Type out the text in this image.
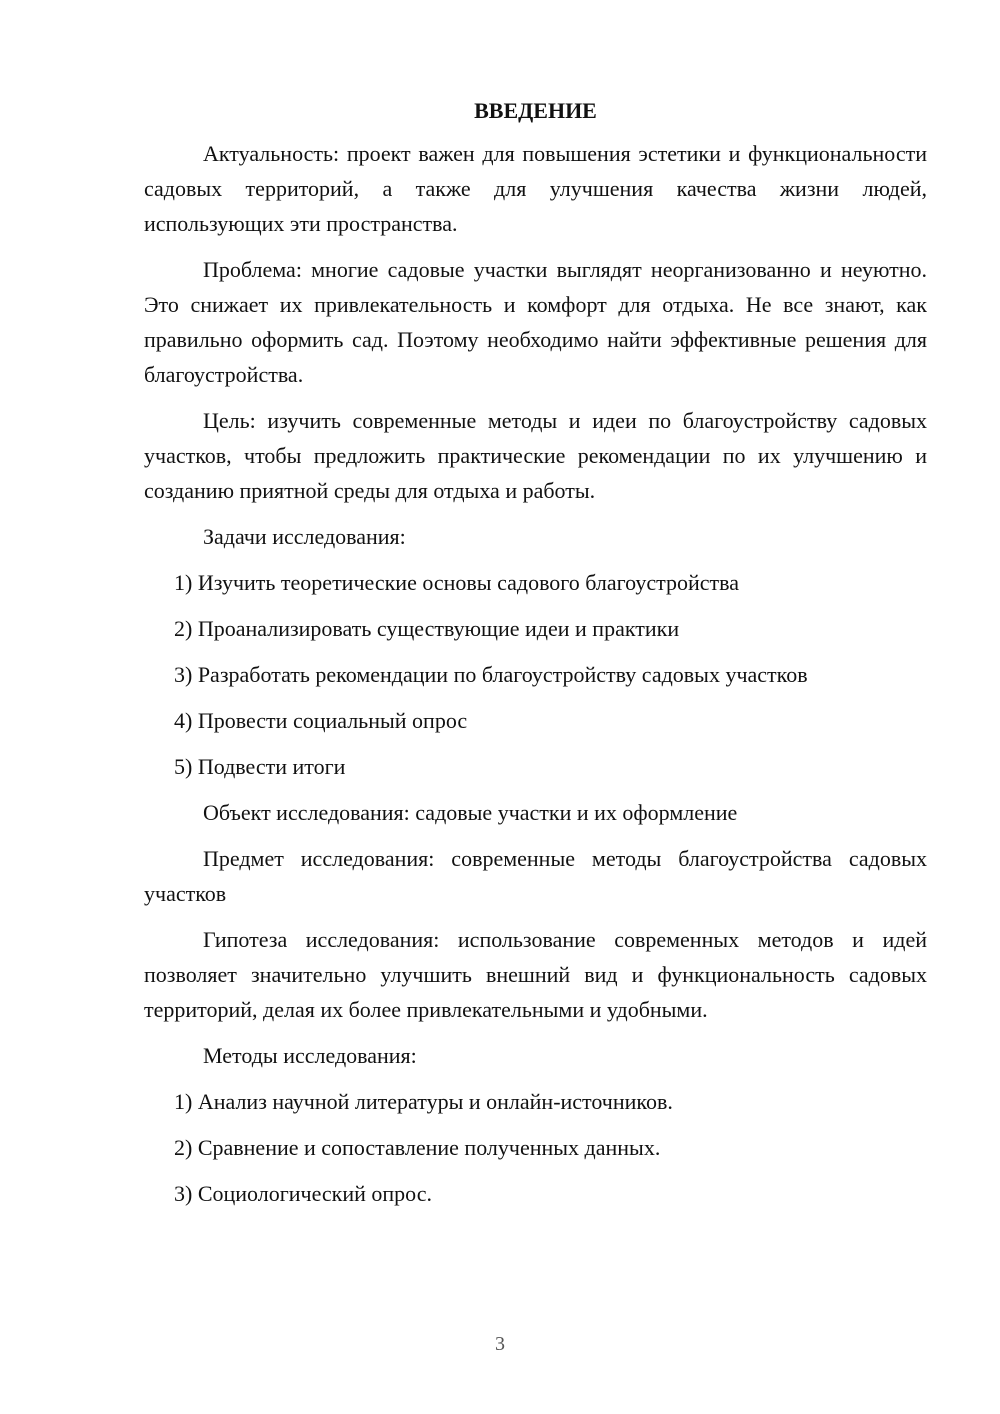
ВВЕДЕНИЕ

Актуальность: проект важен для повышения эстетики и функциональности садовых территорий, а также для улучшения качества жизни людей, использующих эти пространства.

Проблема: многие садовые участки выглядят неорганизованно и неуютно. Это снижает их привлекательность и комфорт для отдыха. Не все знают, как правильно оформить сад. Поэтому необходимо найти эффективные решения для благоустройства.

Цель: изучить современные методы и идеи по благоустройству садовых участков, чтобы предложить практические рекомендации по их улучшению и созданию приятной среды для отдыха и работы.

Задачи исследования:

1) Изучить теоретические основы садового благоустройства
2) Проанализировать существующие идеи и практики
3) Разработать рекомендации по благоустройству садовых участков
4) Провести социальный опрос
5) Подвести итоги

Объект исследования: садовые участки и их оформление

Предмет исследования: современные методы благоустройства садовых участков

Гипотеза исследования: использование современных методов и идей позволяет значительно улучшить внешний вид и функциональность садовых территорий, делая их более привлекательными и удобными.

Методы исследования:

1) Анализ научной литературы и онлайн-источников.
2) Сравнение и сопоставление полученных данных.
3) Социологический опрос.
3
